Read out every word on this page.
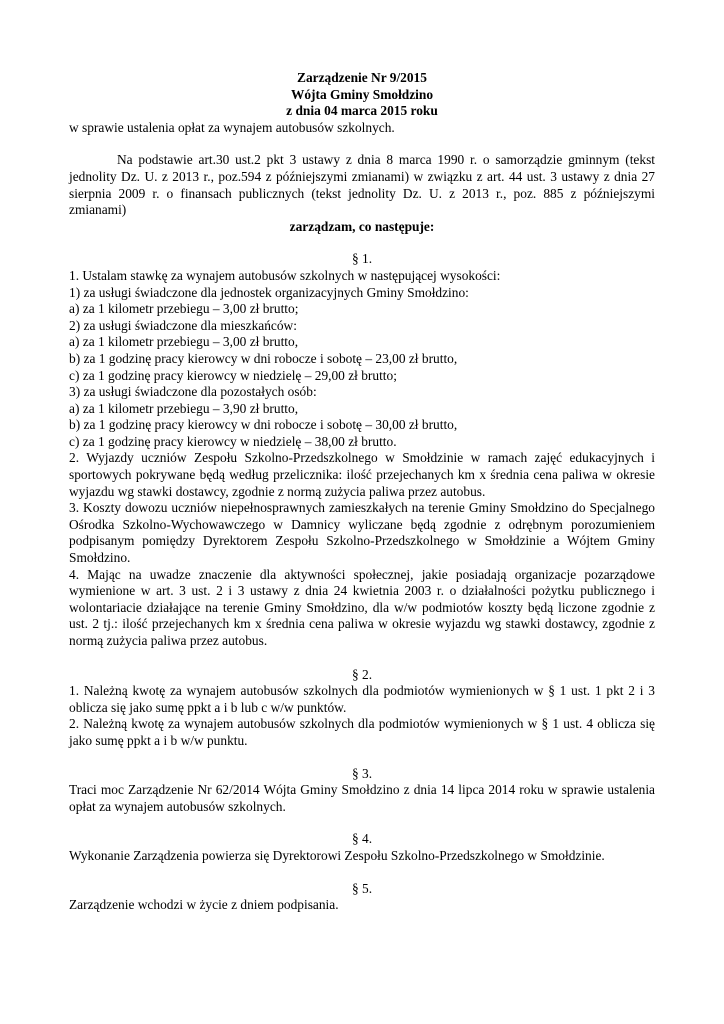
Zarządzenie Nr 9/2015
Wójta Gminy Smołdzino
z dnia 04 marca 2015 roku

w sprawie ustalenia opłat za wynajem autobusów szkolnych.

Na podstawie art.30 ust.2 pkt 3 ustawy z dnia 8 marca 1990 r. o samorządzie gminnym (tekst jednolity Dz. U. z 2013 r., poz.594 z późniejszymi zmianami) w związku z art. 44 ust. 3 ustawy z dnia 27 sierpnia 2009 r. o finansach publicznych (tekst jednolity Dz. U. z 2013 r., poz. 885 z późniejszymi zmianami)

zarządzam, co następuje:

§ 1.

1. Ustalam stawkę za wynajem autobusów szkolnych w następującej wysokości:
1) za usługi świadczone dla jednostek organizacyjnych Gminy Smołdzino:
a) za 1 kilometr przebiegu – 3,00 zł brutto;
2) za usługi świadczone dla mieszkańców:
a) za 1 kilometr przebiegu – 3,00 zł brutto,
b) za 1 godzinę pracy kierowcy w dni robocze i sobotę – 23,00 zł brutto,
c) za 1 godzinę pracy kierowcy w niedzielę – 29,00 zł brutto;
3) za usługi świadczone dla pozostałych osób:
a) za 1 kilometr przebiegu – 3,90 zł brutto,
b) za 1 godzinę pracy kierowcy w dni robocze i sobotę – 30,00 zł brutto,
c) za 1 godzinę pracy kierowcy w niedzielę – 38,00 zł brutto.
2. Wyjazdy uczniów Zespołu Szkolno-Przedszkolnego w Smołdzinie w ramach zajęć edukacyjnych i sportowych pokrywane będą według przelicznika: ilość przejechanych km x średnia cena paliwa w okresie wyjazdu wg stawki dostawcy, zgodnie z normą zużycia paliwa przez autobus.
3. Koszty dowozu uczniów niepełnosprawnych zamieszkałych na terenie Gminy Smołdzino do Specjalnego Ośrodka Szkolno-Wychowawczego w Damnicy wyliczane będą zgodnie z odrębnym porozumieniem podpisanym pomiędzy Dyrektorem Zespołu Szkolno-Przedszkolnego w Smołdzinie a Wójtem Gminy Smołdzino.
4. Mając na uwadze znaczenie dla aktywności społecznej, jakie posiadają organizacje pozarządowe wymienione w art. 3 ust. 2 i 3 ustawy z dnia 24 kwietnia 2003 r. o działalności pożytku publicznego i wolontariacie działające na terenie Gminy Smołdzino, dla w/w podmiotów koszty będą liczone zgodnie z ust. 2 tj.: ilość przejechanych km x średnia cena paliwa w okresie wyjazdu wg stawki dostawcy, zgodnie z normą zużycia paliwa przez autobus.

§ 2.

1. Należną kwotę za wynajem autobusów szkolnych dla podmiotów wymienionych w § 1 ust. 1 pkt 2 i 3 oblicza się jako sumę ppkt a i b lub c w/w punktów.
2. Należną kwotę za wynajem autobusów szkolnych dla podmiotów wymienionych w § 1 ust. 4 oblicza się jako sumę ppkt a i b w/w punktu.

§ 3.

Traci moc Zarządzenie Nr 62/2014 Wójta Gminy Smołdzino z dnia 14 lipca 2014 roku w sprawie ustalenia opłat za wynajem autobusów szkolnych.

§ 4.

Wykonanie Zarządzenia powierza się Dyrektorowi Zespołu Szkolno-Przedszkolnego w Smołdzinie.

§ 5.

Zarządzenie wchodzi w życie z dniem podpisania.
